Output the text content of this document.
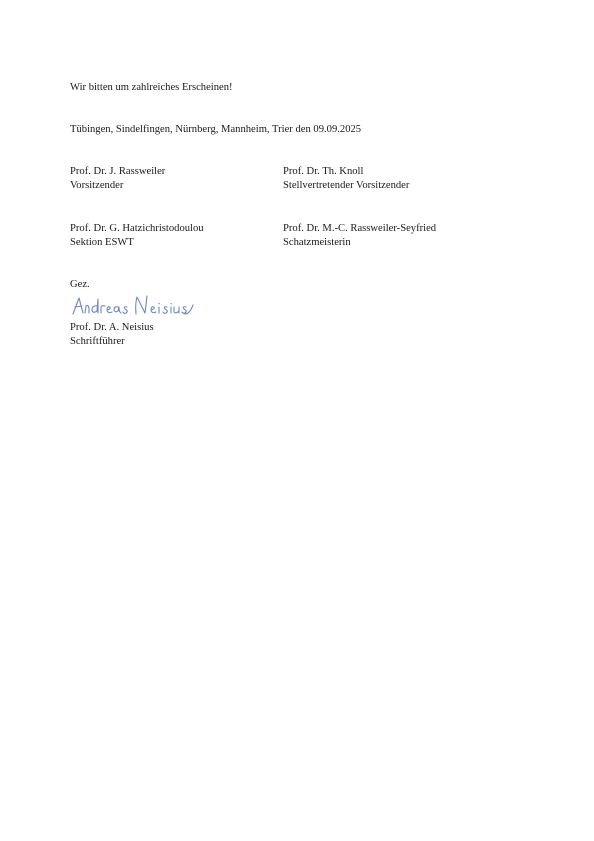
Wir bitten um zahlreiches Erscheinen!
Tübingen, Sindelfingen, Nürnberg, Mannheim, Trier den 09.09.2025
Prof. Dr. J. Rassweiler
Vorsitzender
Prof. Dr. Th. Knoll
Stellvertretender Vorsitzender
Prof. Dr. G. Hatzichristodoulou
Sektion ESWT
Prof. Dr. M.-C. Rassweiler-Seyfried
Schatzmeisterin
Gez.
Prof. Dr. A. Neisius
Schriftführer
